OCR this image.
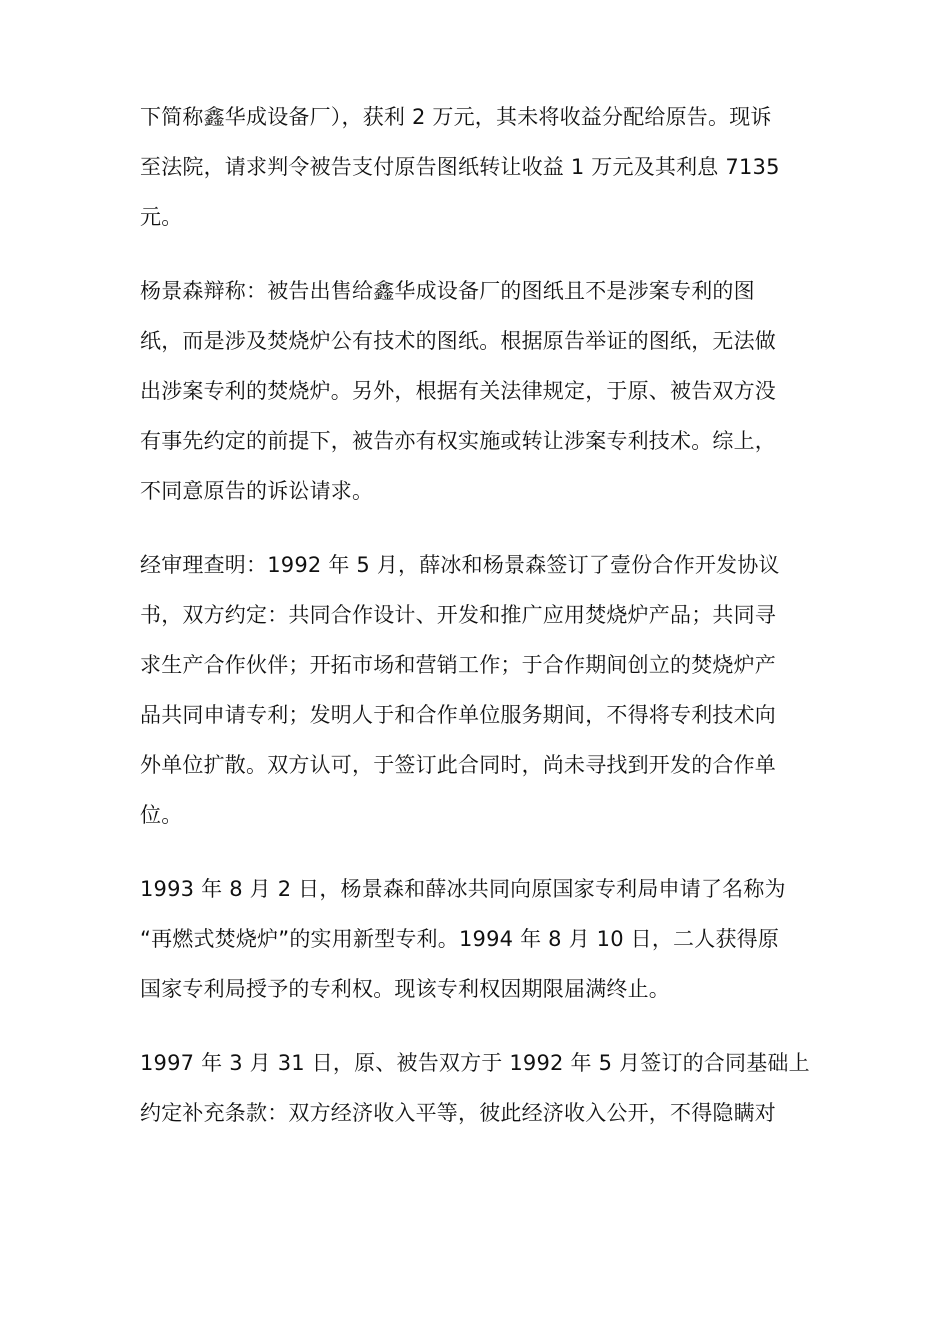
下简称鑫华成设备厂），获利 2 万元，其未将收益分配给原告。现诉
至法院，请求判令被告支付原告图纸转让收益 1 万元及其利息 7135
元。
杨景森辩称：被告出售给鑫华成设备厂的图纸且不是涉案专利的图
纸，而是涉及焚烧炉公有技术的图纸。根据原告举证的图纸，无法做
出涉案专利的焚烧炉。另外，根据有关法律规定，于原、被告双方没
有事先约定的前提下，被告亦有权实施或转让涉案专利技术。综上，
不同意原告的诉讼请求。
经审理查明：1992 年 5 月，薛冰和杨景森签订了壹份合作开发协议
书，双方约定：共同合作设计、开发和推广应用焚烧炉产品；共同寻
求生产合作伙伴；开拓市场和营销工作；于合作期间创立的焚烧炉产
品共同申请专利；发明人于和合作单位服务期间，不得将专利技术向
外单位扩散。双方认可，于签订此合同时，尚未寻找到开发的合作单
位。
1993 年 8 月 2 日，杨景森和薛冰共同向原国家专利局申请了名称为
“再燃式焚烧炉”的实用新型专利。1994 年 8 月 10 日，二人获得原
国家专利局授予的专利权。现该专利权因期限届满终止。
1997 年 3 月 31 日，原、被告双方于 1992 年 5 月签订的合同基础上
约定补充条款：双方经济收入平等，彼此经济收入公开，不得隐瞒对
